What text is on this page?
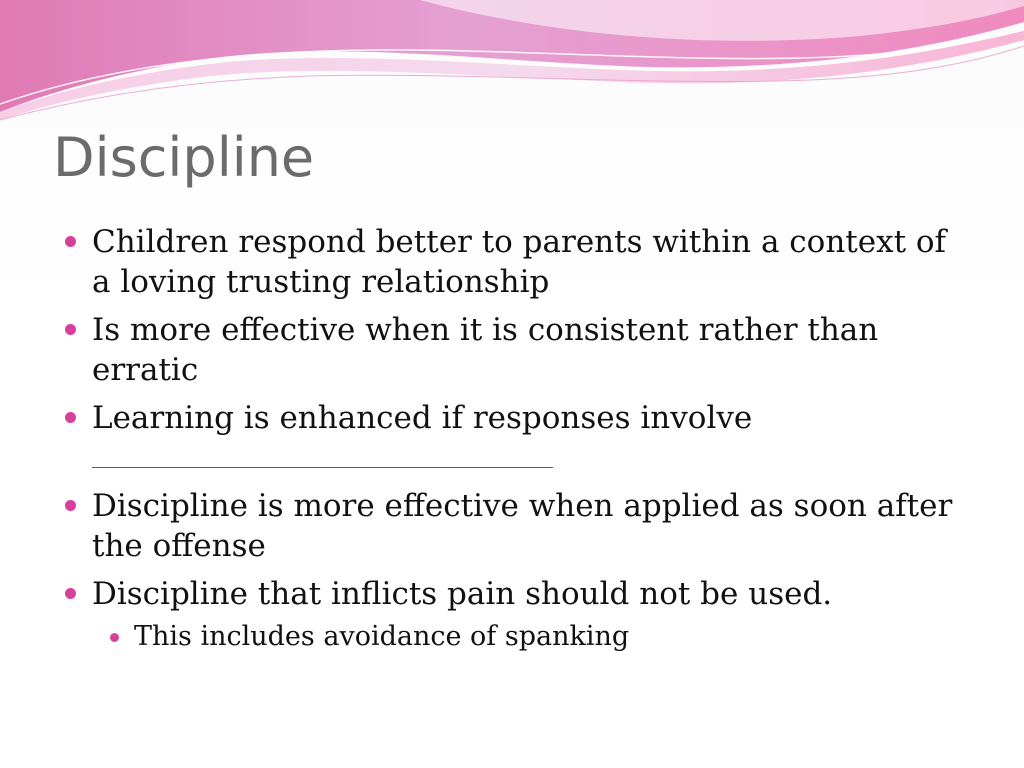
Discipline
Children respond better to parents within a context of a loving trusting relationship
Is more effective when it is consistent rather than erratic
Learning is enhanced if responses involve

Discipline is more effective when applied as soon after the offense
Discipline that inflicts pain should not be used.
This includes avoidance of spanking
